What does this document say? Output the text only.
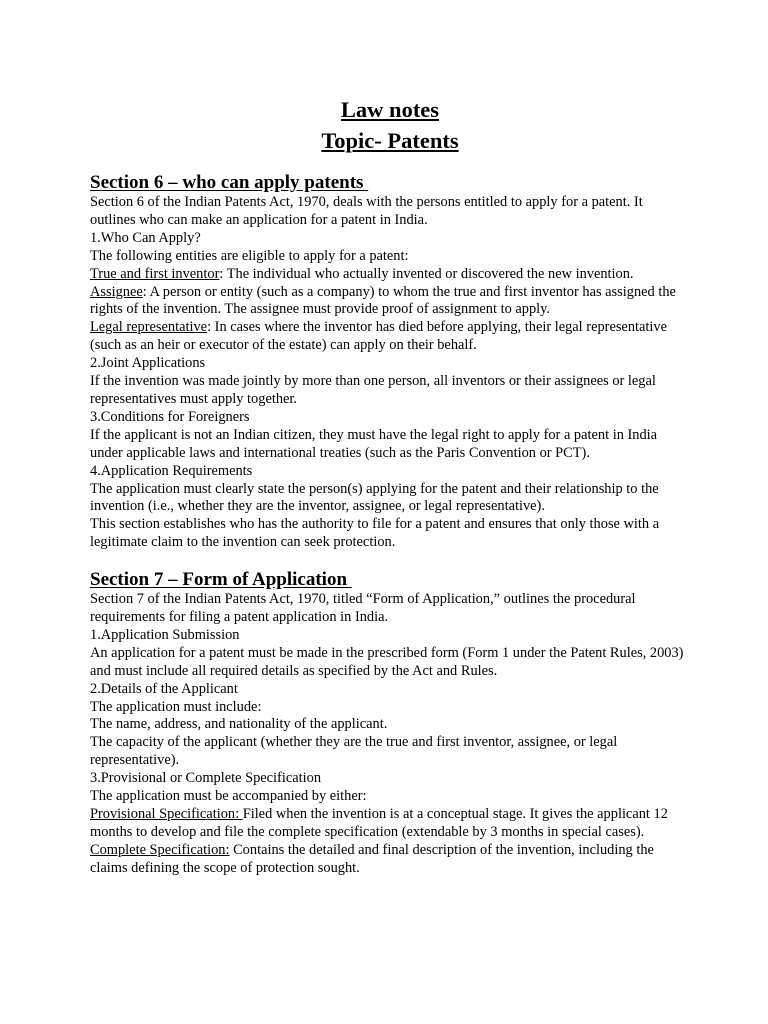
Law notes
Topic- Patents
Section 6 – who can apply patents

Section 6 of the Indian Patents Act, 1970, deals with the persons entitled to apply for a patent. It outlines who can make an application for a patent in India.

1.Who Can Apply?

The following entities are eligible to apply for a patent:

True and first inventor: The individual who actually invented or discovered the new invention.

Assignee: A person or entity (such as a company) to whom the true and first inventor has assigned the rights of the invention. The assignee must provide proof of assignment to apply.

Legal representative: In cases where the inventor has died before applying, their legal representative (such as an heir or executor of the estate) can apply on their behalf.

2.Joint Applications

If the invention was made jointly by more than one person, all inventors or their assignees or legal representatives must apply together.

3.Conditions for Foreigners

If the applicant is not an Indian citizen, they must have the legal right to apply for a patent in India under applicable laws and international treaties (such as the Paris Convention or PCT).

4.Application Requirements

The application must clearly state the person(s) applying for the patent and their relationship to the invention (i.e., whether they are the inventor, assignee, or legal representative).

This section establishes who has the authority to file for a patent and ensures that only those with a legitimate claim to the invention can seek protection.

Section 7 – Form of Application

Section 7 of the Indian Patents Act, 1970, titled “Form of Application,” outlines the procedural requirements for filing a patent application in India.

1.Application Submission

An application for a patent must be made in the prescribed form (Form 1 under the Patent Rules, 2003) and must include all required details as specified by the Act and Rules.

2.Details of the Applicant

The application must include:

The name, address, and nationality of the applicant.

The capacity of the applicant (whether they are the true and first inventor, assignee, or legal representative).

3.Provisional or Complete Specification

The application must be accompanied by either:

Provisional Specification: Filed when the invention is at a conceptual stage. It gives the applicant 12 months to develop and file the complete specification (extendable by 3 months in special cases).

Complete Specification: Contains the detailed and final description of the invention, including the claims defining the scope of protection sought.
